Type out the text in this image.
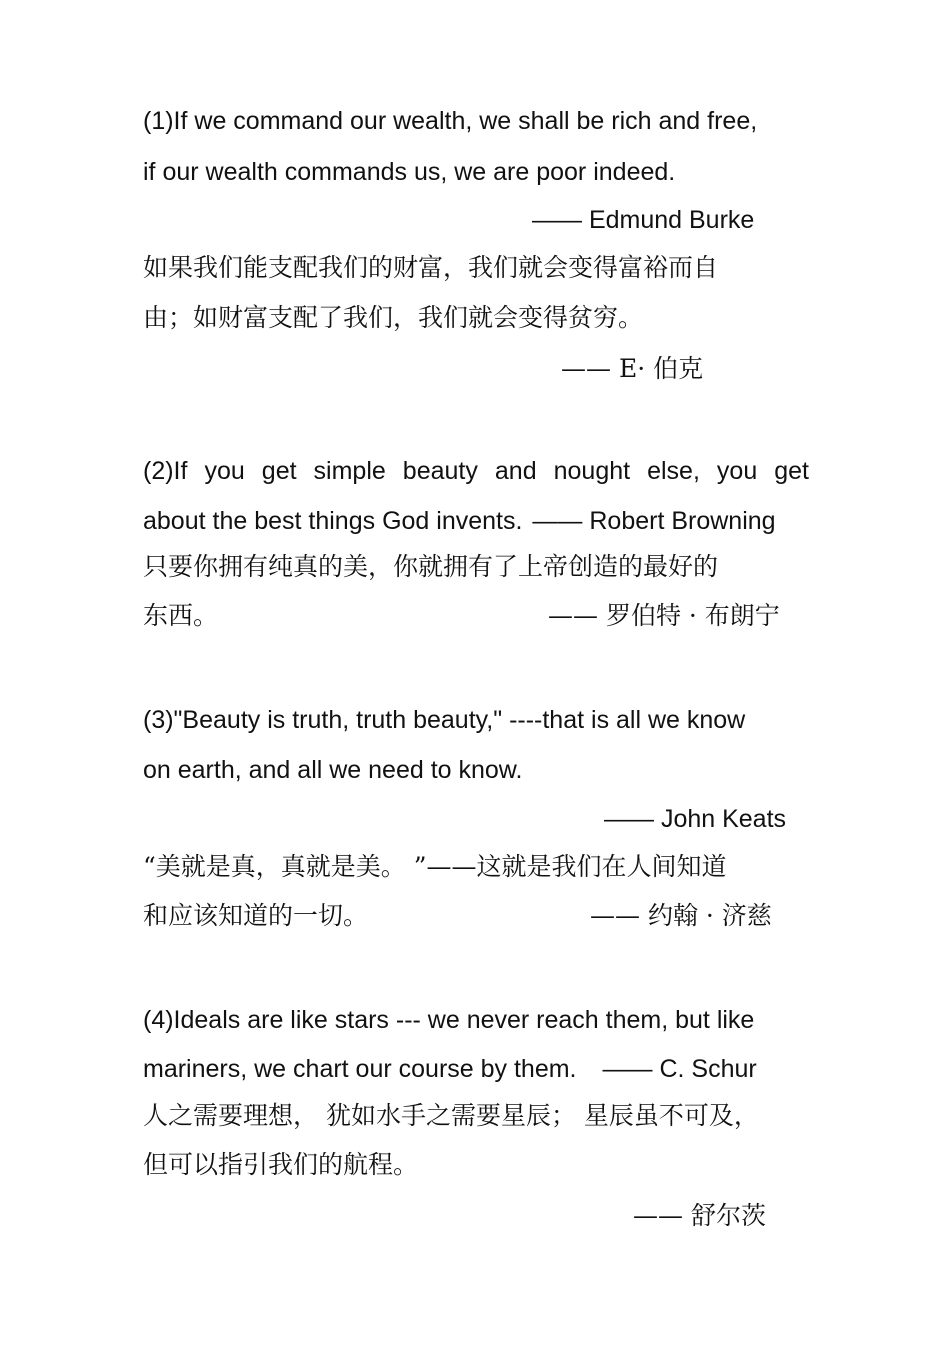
(1)If we command our wealth, we shall be rich and free,
if our wealth commands us, we are poor indeed.
—— Edmund Burke
如果我们能支配我们的财富，我们就会变得富裕而自
由；如财富支配了我们，我们就会变得贫穷。
—— E· 伯克
(2)If you get simple beauty and nought else, you get
about the best things God invents. —— Robert Browning
只要你拥有纯真的美，你就拥有了上帝创造的最好的
东西。	—— 罗伯特 · 布朗宁
(3)"Beauty is truth, truth beauty," ----that is all we know
on earth, and all we need to know.
—— John Keats
“美就是真，真就是美。 ”——这就是我们在人间知道
和应该知道的一切。	—— 约翰 · 济慈
(4)Ideals are like stars --- we never reach them, but like
mariners, we chart our course by them. —— C. Schur
人之需要理想， 犹如水手之需要星辰； 星辰虽不可及，
但可以指引我们的航程。
—— 舒尔茨
